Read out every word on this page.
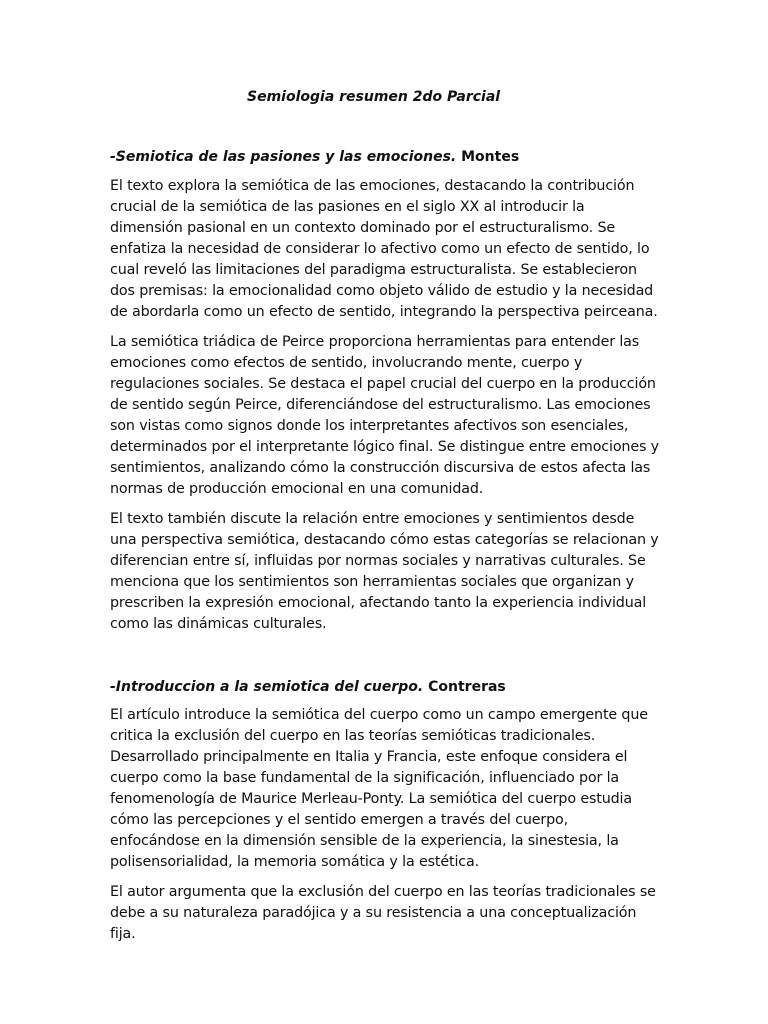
Semiologia resumen 2do Parcial

-Semiotica de las pasiones y las emociones. Montes

El texto explora la semiótica de las emociones, destacando la contribución crucial de la semiótica de las pasiones en el siglo XX al introducir la dimensión pasional en un contexto dominado por el estructuralismo. Se enfatiza la necesidad de considerar lo afectivo como un efecto de sentido, lo cual reveló las limitaciones del paradigma estructuralista. Se establecieron dos premisas: la emocionalidad como objeto válido de estudio y la necesidad de abordarla como un efecto de sentido, integrando la perspectiva peirceana.

La semiótica triádica de Peirce proporciona herramientas para entender las emociones como efectos de sentido, involucrando mente, cuerpo y regulaciones sociales. Se destaca el papel crucial del cuerpo en la producción de sentido según Peirce, diferenciándose del estructuralismo. Las emociones son vistas como signos donde los interpretantes afectivos son esenciales, determinados por el interpretante lógico final. Se distingue entre emociones y sentimientos, analizando cómo la construcción discursiva de estos afecta las normas de producción emocional en una comunidad.

El texto también discute la relación entre emociones y sentimientos desde una perspectiva semiótica, destacando cómo estas categorías se relacionan y diferencian entre sí, influidas por normas sociales y narrativas culturales. Se menciona que los sentimientos son herramientas sociales que organizan y prescriben la expresión emocional, afectando tanto la experiencia individual como las dinámicas culturales.

-Introduccion a la semiotica del cuerpo. Contreras

El artículo introduce la semiótica del cuerpo como un campo emergente que critica la exclusión del cuerpo en las teorías semióticas tradicionales. Desarrollado principalmente en Italia y Francia, este enfoque considera el cuerpo como la base fundamental de la significación, influenciado por la fenomenología de Maurice Merleau-Ponty. La semiótica del cuerpo estudia cómo las percepciones y el sentido emergen a través del cuerpo, enfocándose en la dimensión sensible de la experiencia, la sinestesia, la polisensorialidad, la memoria somática y la estética.

El autor argumenta que la exclusión del cuerpo en las teorías tradicionales se debe a su naturaleza paradójica y a su resistencia a una conceptualización fija.
